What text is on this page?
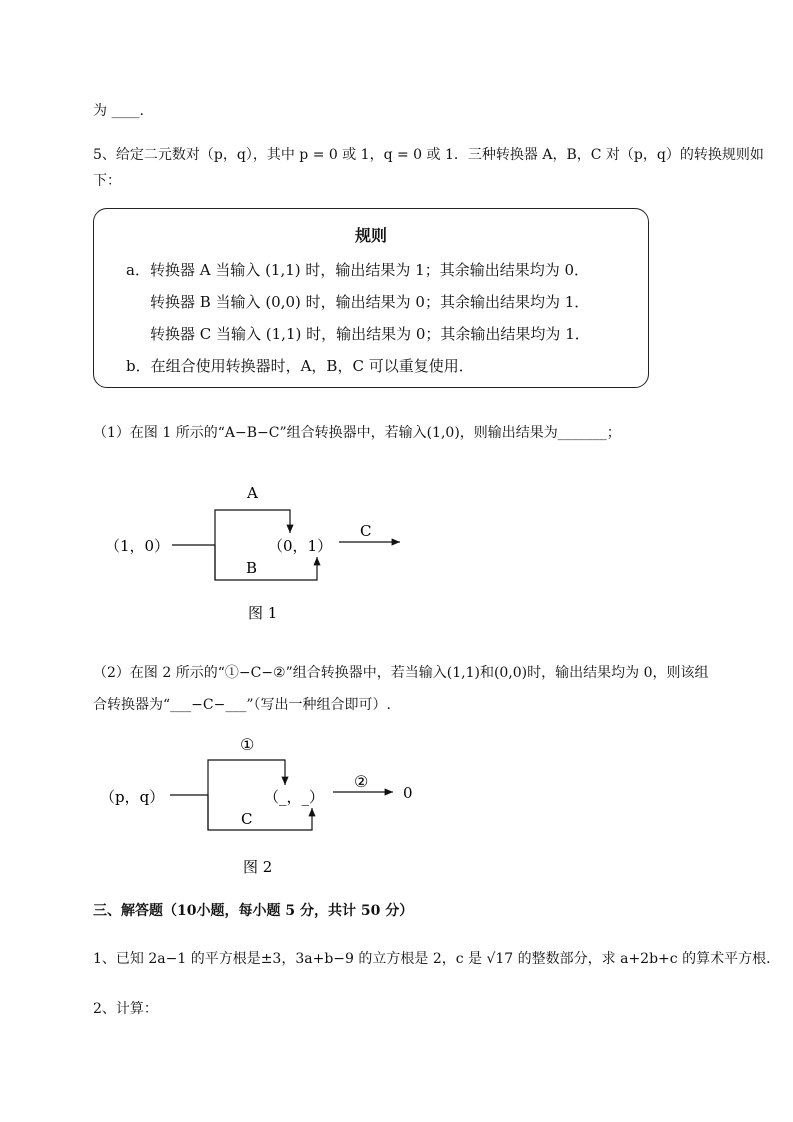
为 ____.
5、给定二元数对（p，q），其中 p = 0 或 1，q = 0 或 1．三种转换器 A，B，C 对（p，q）的转换规则如
下：
规则
a．转换器 A 当输入 (1,1) 时，输出结果为 1；其余输出结果均为 0．
转换器 B 当输入 (0,0) 时，输出结果为 0；其余输出结果均为 1．
转换器 C 当输入 (1,1) 时，输出结果为 0；其余输出结果均为 1．
b．在组合使用转换器时，A，B，C 可以重复使用．
（1）在图 1 所示的“A−B−C”组合转换器中，若输入(1,0)，则输出结果为_______；
（1，0）
A
B
（0，1）
C
图 1
（2）在图 2 所示的“①−C−②”组合转换器中，若当输入(1,1)和(0,0)时，输出结果均为 0，则该组
合转换器为“___−C−___”（写出一种组合即可）.
（p，q）
①
C
（_，_）
②
0
图 2
三、解答题（10小题，每小题 5 分，共计 50 分）
1、已知 2a−1 的平方根是±3，3a+b−9 的立方根是 2，c 是 √17 的整数部分，求 a+2b+c 的算术平方根．
2、计算：
